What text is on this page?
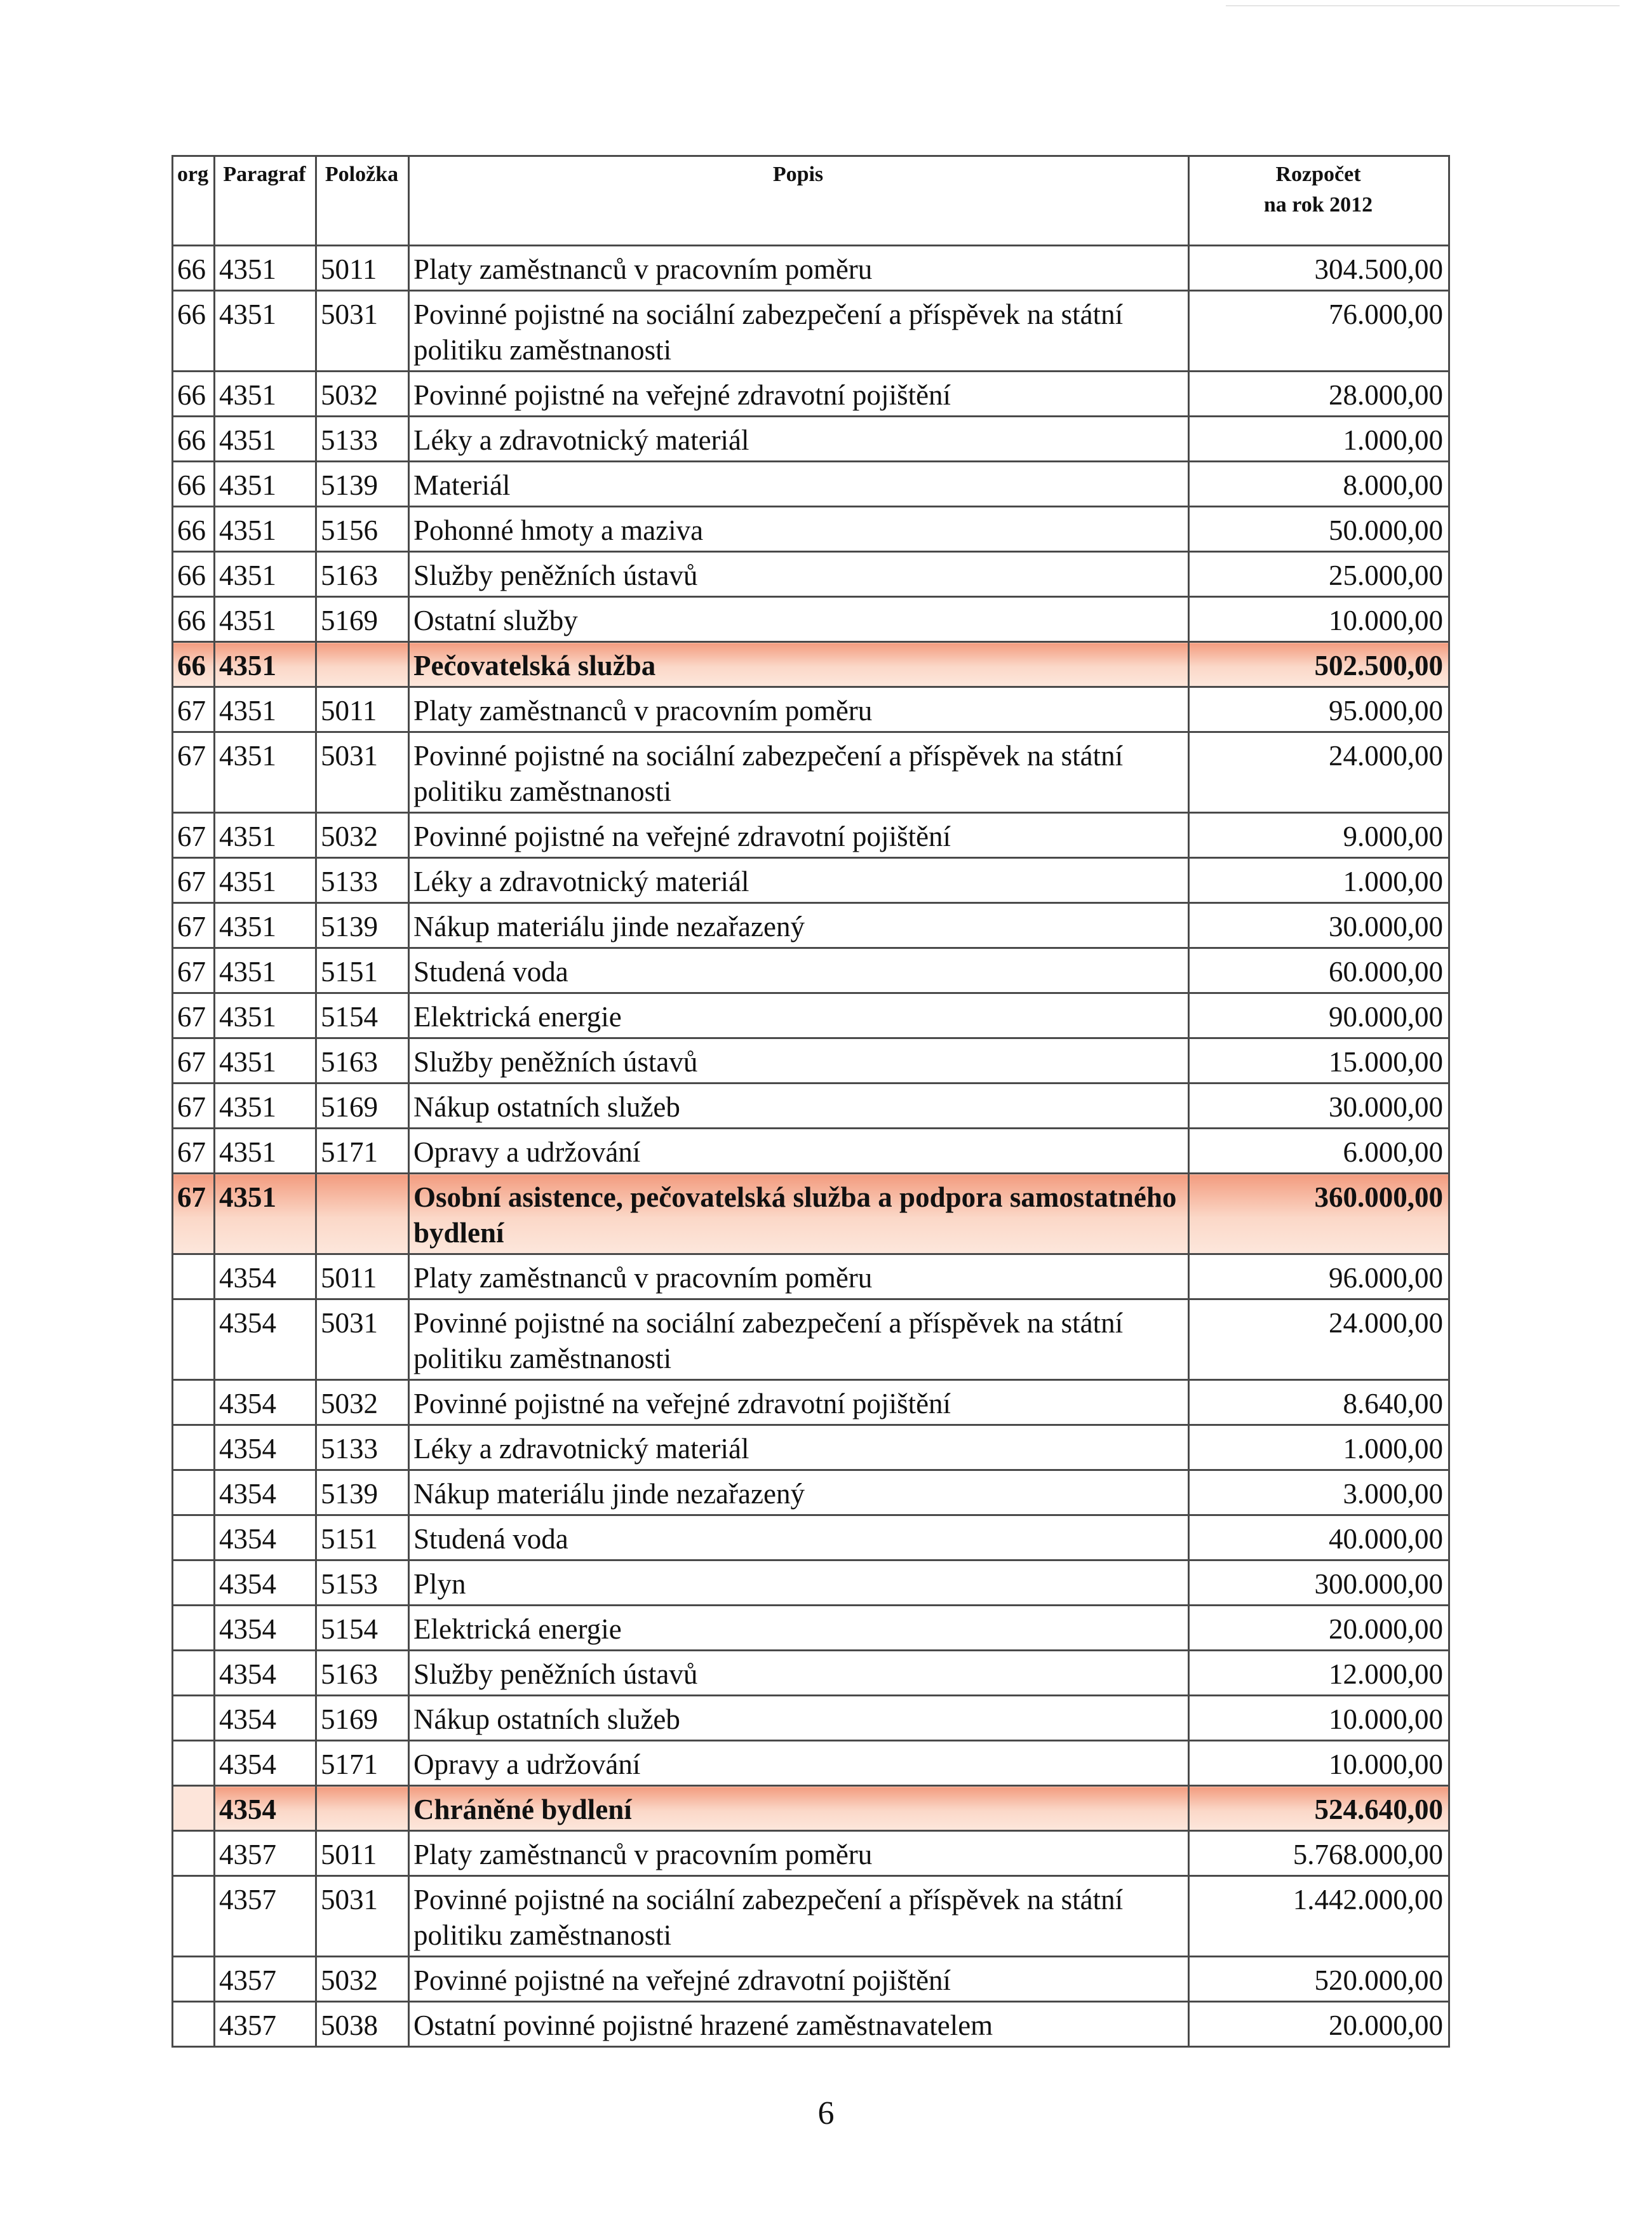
org	Paragraf	Položka	Popis	Rozpočet
na rok 2012

66	4351	5011	Platy zaměstnanců v pracovním poměru	304.500,00
66	4351	5031	Povinné pojistné na sociální zabezpečení a příspěvek na státní politiku zaměstnanosti	76.000,00
66	4351	5032	Povinné pojistné na veřejné zdravotní pojištění	28.000,00
66	4351	5133	Léky a zdravotnický materiál	1.000,00
66	4351	5139	Materiál	8.000,00
66	4351	5156	Pohonné hmoty a maziva	50.000,00
66	4351	5163	Služby peněžních ústavů	25.000,00
66	4351	5169	Ostatní služby	10.000,00
66	4351		Pečovatelská služba	502.500,00
67	4351	5011	Platy zaměstnanců v pracovním poměru	95.000,00
67	4351	5031	Povinné pojistné na sociální zabezpečení a příspěvek na státní politiku zaměstnanosti	24.000,00
67	4351	5032	Povinné pojistné na veřejné zdravotní pojištění	9.000,00
67	4351	5133	Léky a zdravotnický materiál	1.000,00
67	4351	5139	Nákup materiálu jinde nezařazený	30.000,00
67	4351	5151	Studená voda	60.000,00
67	4351	5154	Elektrická energie	90.000,00
67	4351	5163	Služby peněžních ústavů	15.000,00
67	4351	5169	Nákup ostatních služeb	30.000,00
67	4351	5171	Opravy a udržování	6.000,00
67	4351		Osobní asistence, pečovatelská služba a podpora samostatného bydlení	360.000,00
	4354	5011	Platy zaměstnanců v pracovním poměru	96.000,00
	4354	5031	Povinné pojistné na sociální zabezpečení a příspěvek na státní politiku zaměstnanosti	24.000,00
	4354	5032	Povinné pojistné na veřejné zdravotní pojištění	8.640,00
	4354	5133	Léky a zdravotnický materiál	1.000,00
	4354	5139	Nákup materiálu jinde nezařazený	3.000,00
	4354	5151	Studená voda	40.000,00
	4354	5153	Plyn	300.000,00
	4354	5154	Elektrická energie	20.000,00
	4354	5163	Služby peněžních ústavů	12.000,00
	4354	5169	Nákup ostatních služeb	10.000,00
	4354	5171	Opravy a udržování	10.000,00
	4354		Chráněné bydlení	524.640,00
	4357	5011	Platy zaměstnanců v pracovním poměru	5.768.000,00
	4357	5031	Povinné pojistné na sociální zabezpečení a příspěvek na státní politiku zaměstnanosti	1.442.000,00
	4357	5032	Povinné pojistné na veřejné zdravotní pojištění	520.000,00
	4357	5038	Ostatní povinné pojistné hrazené zaměstnavatelem	20.000,00
6
